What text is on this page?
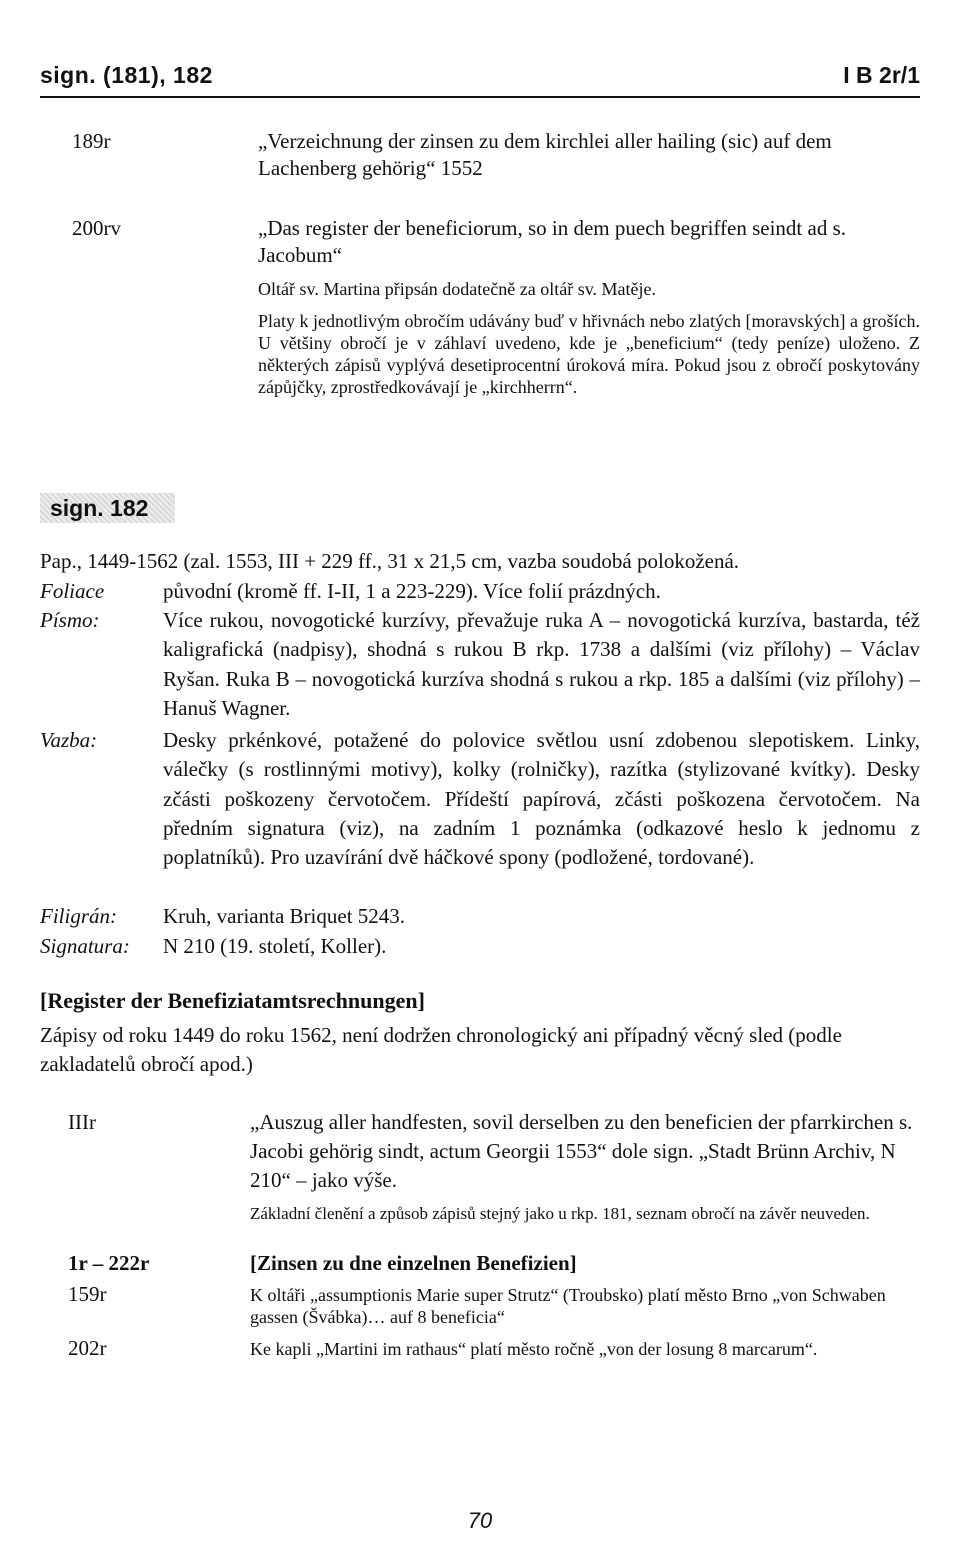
sign. (181), 182	I B 2r/1
189r	„Verzeichnung der zinsen zu dem kirchlei aller hailing (sic) auf dem Lachenberg gehörig“ 1552
200rv	„Das register der beneficiorum, so in dem puech begriffen seindt ad s. Jacobum“
Oltář sv. Martina připsán dodatečně za oltář sv. Matěje.
Platy k jednotlivým obročím udávány buď v hřivnách nebo zlatých [moravských] a groších. U většiny obročí je v záhlaví uvedeno, kde je „beneficium“ (tedy peníze) uloženo. Z některých zápisů vyplývá desetiprocentní úroková míra. Pokud jsou z obročí poskytovány zápůjčky, zprostředkovávají je „kirchherrn“.
sign. 182
Pap., 1449-1562 (zal. 1553, III + 229 ff., 31 x 21,5 cm, vazba soudobá polokožená.
Foliace	původní (kromě ff. I-II, 1 a 223-229). Více folií prázdných.
Písmo:	Více rukou, novogotické kurzívy, převažuje ruka A – novogotická kurzíva, bastarda, též kaligrafická (nadpisy), shodná s rukou B rkp. 1738 a dalšími (viz přílohy) – Václav Ryšan. Ruka B – novogotická kurzíva shodná s rukou a rkp. 185 a dalšími (viz přílohy) – Hanuš Wagner.
Vazba:	Desky prkénkové, potažené do polovice světlou usní zdobenou slepotiskem. Linky, válečky (s rostlinnými motivy), kolky (rolničky), razítka (stylizované kvítky). Desky zčásti poškozeny červotočem. Přídeští papírová, zčásti poškozena červotočem. Na předním signatura (viz), na zadním 1 poznámka (odkazové heslo k jednomu z poplatníků). Pro uzavírání dvě háčkové spony (podložené, tordované).
Filigrán: Kruh, varianta Briquet 5243.
Signatura: N 210 (19. století, Koller).
[Register der Benefiziatamtsrechnungen]
Zápisy od roku 1449 do roku 1562, není dodržen chronologický ani případný věcný sled (podle zakladatelů obročí apod.)
IIIr	„Auszug aller handfesten, sovil derselben zu den beneficien der pfarrkirchen s. Jacobi gehörig sindt, actum Georgii 1553“ dole sign. „Stadt Brünn Archiv, N 210“ – jako výše.
Základní členění a způsob zápisů stejný jako u rkp. 181, seznam obročí na závěr neuveden.
1r – 222r	[Zinsen zu dne einzelnen Benefizien]
159r	K oltáři „assumptionis Marie super Strutz“ (Troubsko) platí město Brno „von Schwaben gassen (Švábka)… auf 8 beneficia“
202r	Ke kapli „Martini im rathaus“ platí město ročně „von der losung 8 marcarum“.
70
